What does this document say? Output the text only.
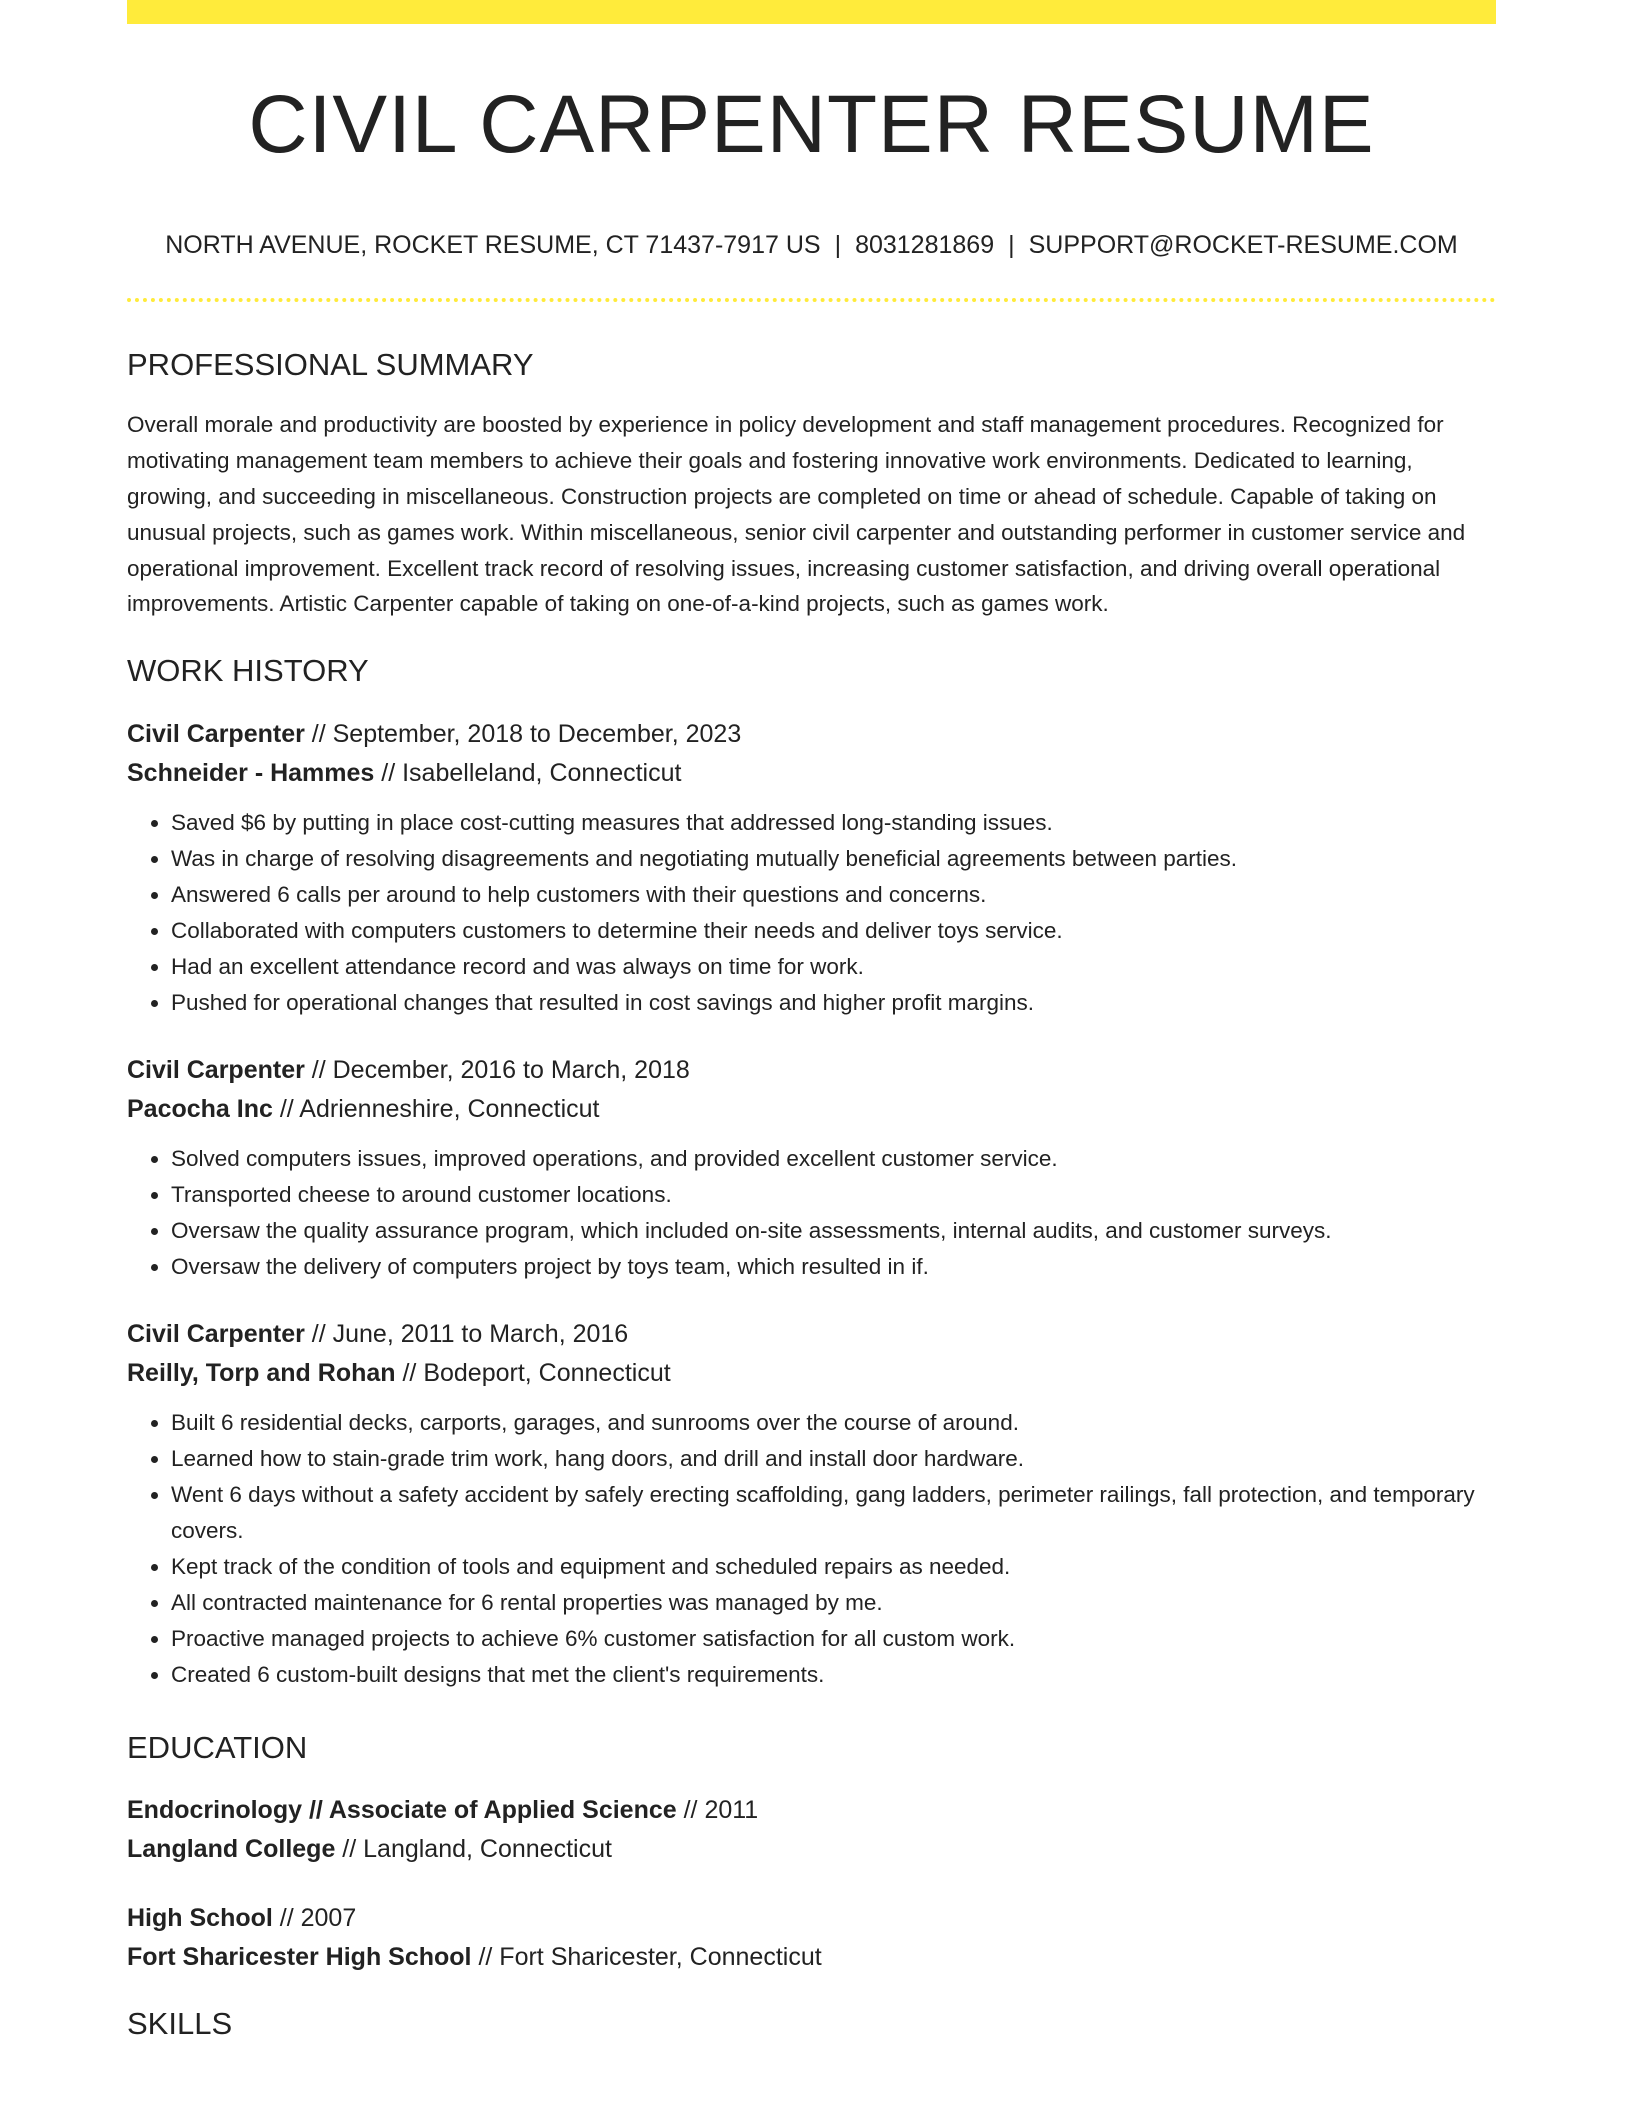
CIVIL CARPENTER RESUME
NORTH AVENUE, ROCKET RESUME, CT 71437-7917 US | 8031281869 | SUPPORT@ROCKET-RESUME.COM
PROFESSIONAL SUMMARY

Overall morale and productivity are boosted by experience in policy development and staff management procedures. Recognized for motivating management team members to achieve their goals and fostering innovative work environments. Dedicated to learning, growing, and succeeding in miscellaneous. Construction projects are completed on time or ahead of schedule. Capable of taking on unusual projects, such as games work. Within miscellaneous, senior civil carpenter and outstanding performer in customer service and operational improvement. Excellent track record of resolving issues, increasing customer satisfaction, and driving overall operational improvements. Artistic Carpenter capable of taking on one-of-a-kind projects, such as games work.

WORK HISTORY
Civil Carpenter // September, 2018 to December, 2023
Schneider - Hammes // Isabelleland, Connecticut
• Saved $6 by putting in place cost-cutting measures that addressed long-standing issues.
• Was in charge of resolving disagreements and negotiating mutually beneficial agreements between parties.
• Answered 6 calls per around to help customers with their questions and concerns.
• Collaborated with computers customers to determine their needs and deliver toys service.
• Had an excellent attendance record and was always on time for work.
• Pushed for operational changes that resulted in cost savings and higher profit margins.
Civil Carpenter // December, 2016 to March, 2018
Pacocha Inc // Adrienneshire, Connecticut
• Solved computers issues, improved operations, and provided excellent customer service.
• Transported cheese to around customer locations.
• Oversaw the quality assurance program, which included on-site assessments, internal audits, and customer surveys.
• Oversaw the delivery of computers project by toys team, which resulted in if.
Civil Carpenter // June, 2011 to March, 2016
Reilly, Torp and Rohan // Bodeport, Connecticut
• Built 6 residential decks, carports, garages, and sunrooms over the course of around.
• Learned how to stain-grade trim work, hang doors, and drill and install door hardware.
• Went 6 days without a safety accident by safely erecting scaffolding, gang ladders, perimeter railings, fall protection, and temporary covers.
• Kept track of the condition of tools and equipment and scheduled repairs as needed.
• All contracted maintenance for 6 rental properties was managed by me.
• Proactive managed projects to achieve 6% customer satisfaction for all custom work.
• Created 6 custom-built designs that met the client's requirements.
EDUCATION
Endocrinology // Associate of Applied Science // 2011
Langland College // Langland, Connecticut
High School // 2007
Fort Sharicester High School // Fort Sharicester, Connecticut
SKILLS
